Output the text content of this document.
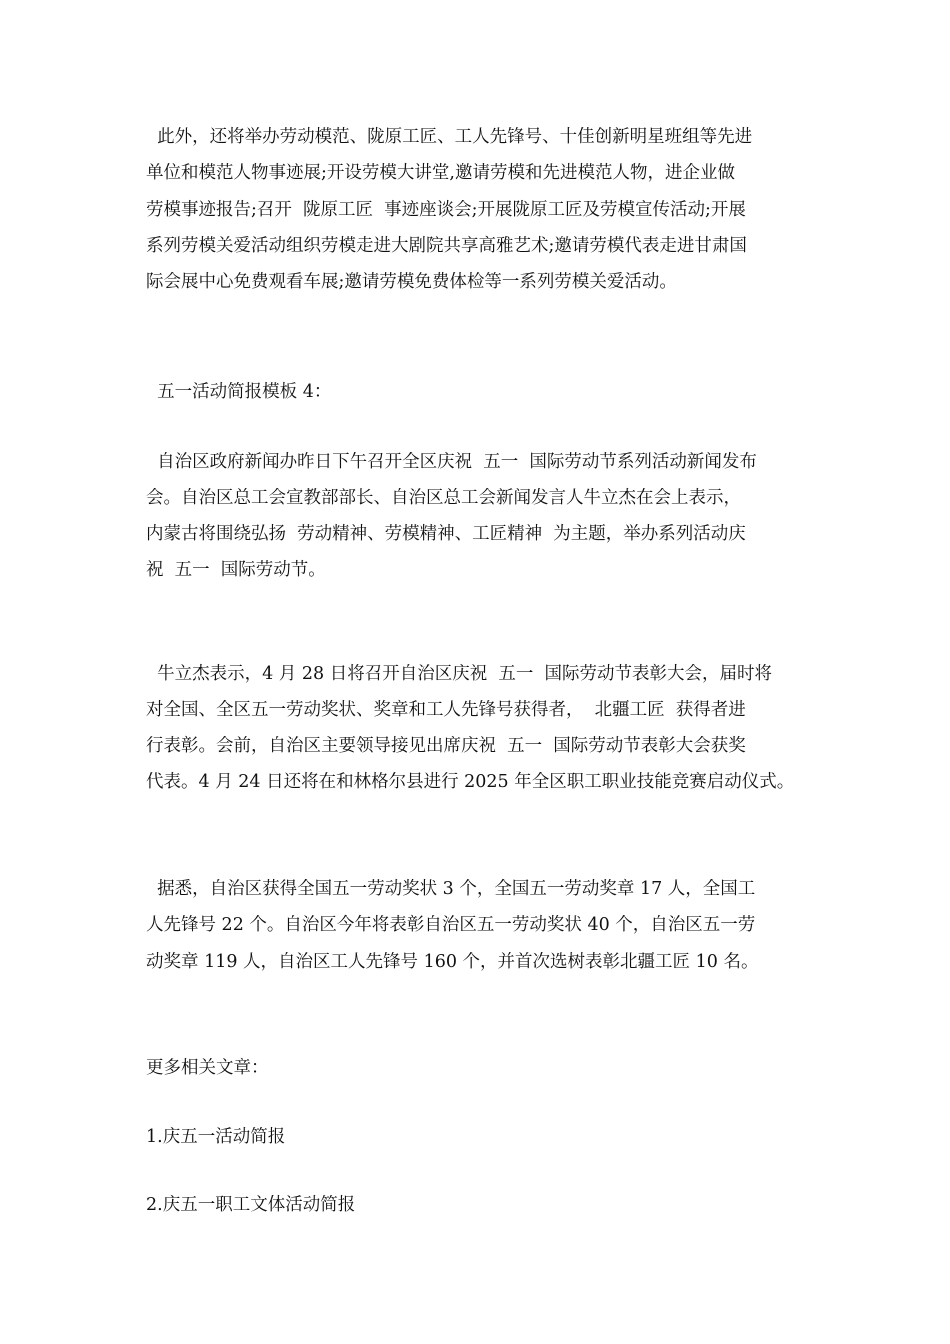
此外，还将举办劳动模范、陇原工匠、工人先锋号、十佳创新明星班组等先进

单位和模范人物事迹展;开设劳模大讲堂,邀请劳模和先进模范人物，进企业做

劳模事迹报告;召开  陇原工匠  事迹座谈会;开展陇原工匠及劳模宣传活动;开展

系列劳模关爱活动组织劳模走进大剧院共享高雅艺术;邀请劳模代表走进甘肃国

际会展中心免费观看车展;邀请劳模免费体检等一系列劳模关爱活动。

五一活动简报模板 4：

自治区政府新闻办昨日下午召开全区庆祝  五一  国际劳动节系列活动新闻发布

会。自治区总工会宣教部部长、自治区总工会新闻发言人牛立杰在会上表示，

内蒙古将围绕弘扬  劳动精神、劳模精神、工匠精神  为主题，举办系列活动庆

祝  五一  国际劳动节。

牛立杰表示，4 月 28 日将召开自治区庆祝  五一  国际劳动节表彰大会，届时将

对全国、全区五一劳动奖状、奖章和工人先锋号获得者，  北疆工匠  获得者进

行表彰。会前，自治区主要领导接见出席庆祝  五一  国际劳动节表彰大会获奖

代表。4 月 24 日还将在和林格尔县进行 2025 年全区职工职业技能竞赛启动仪式。

据悉，自治区获得全国五一劳动奖状 3 个，全国五一劳动奖章 17 人，全国工

人先锋号 22 个。自治区今年将表彰自治区五一劳动奖状 40 个，自治区五一劳

动奖章 119 人，自治区工人先锋号 160 个，并首次选树表彰北疆工匠 10 名。

更多相关文章：

1.庆五一活动简报

2.庆五一职工文体活动简报
